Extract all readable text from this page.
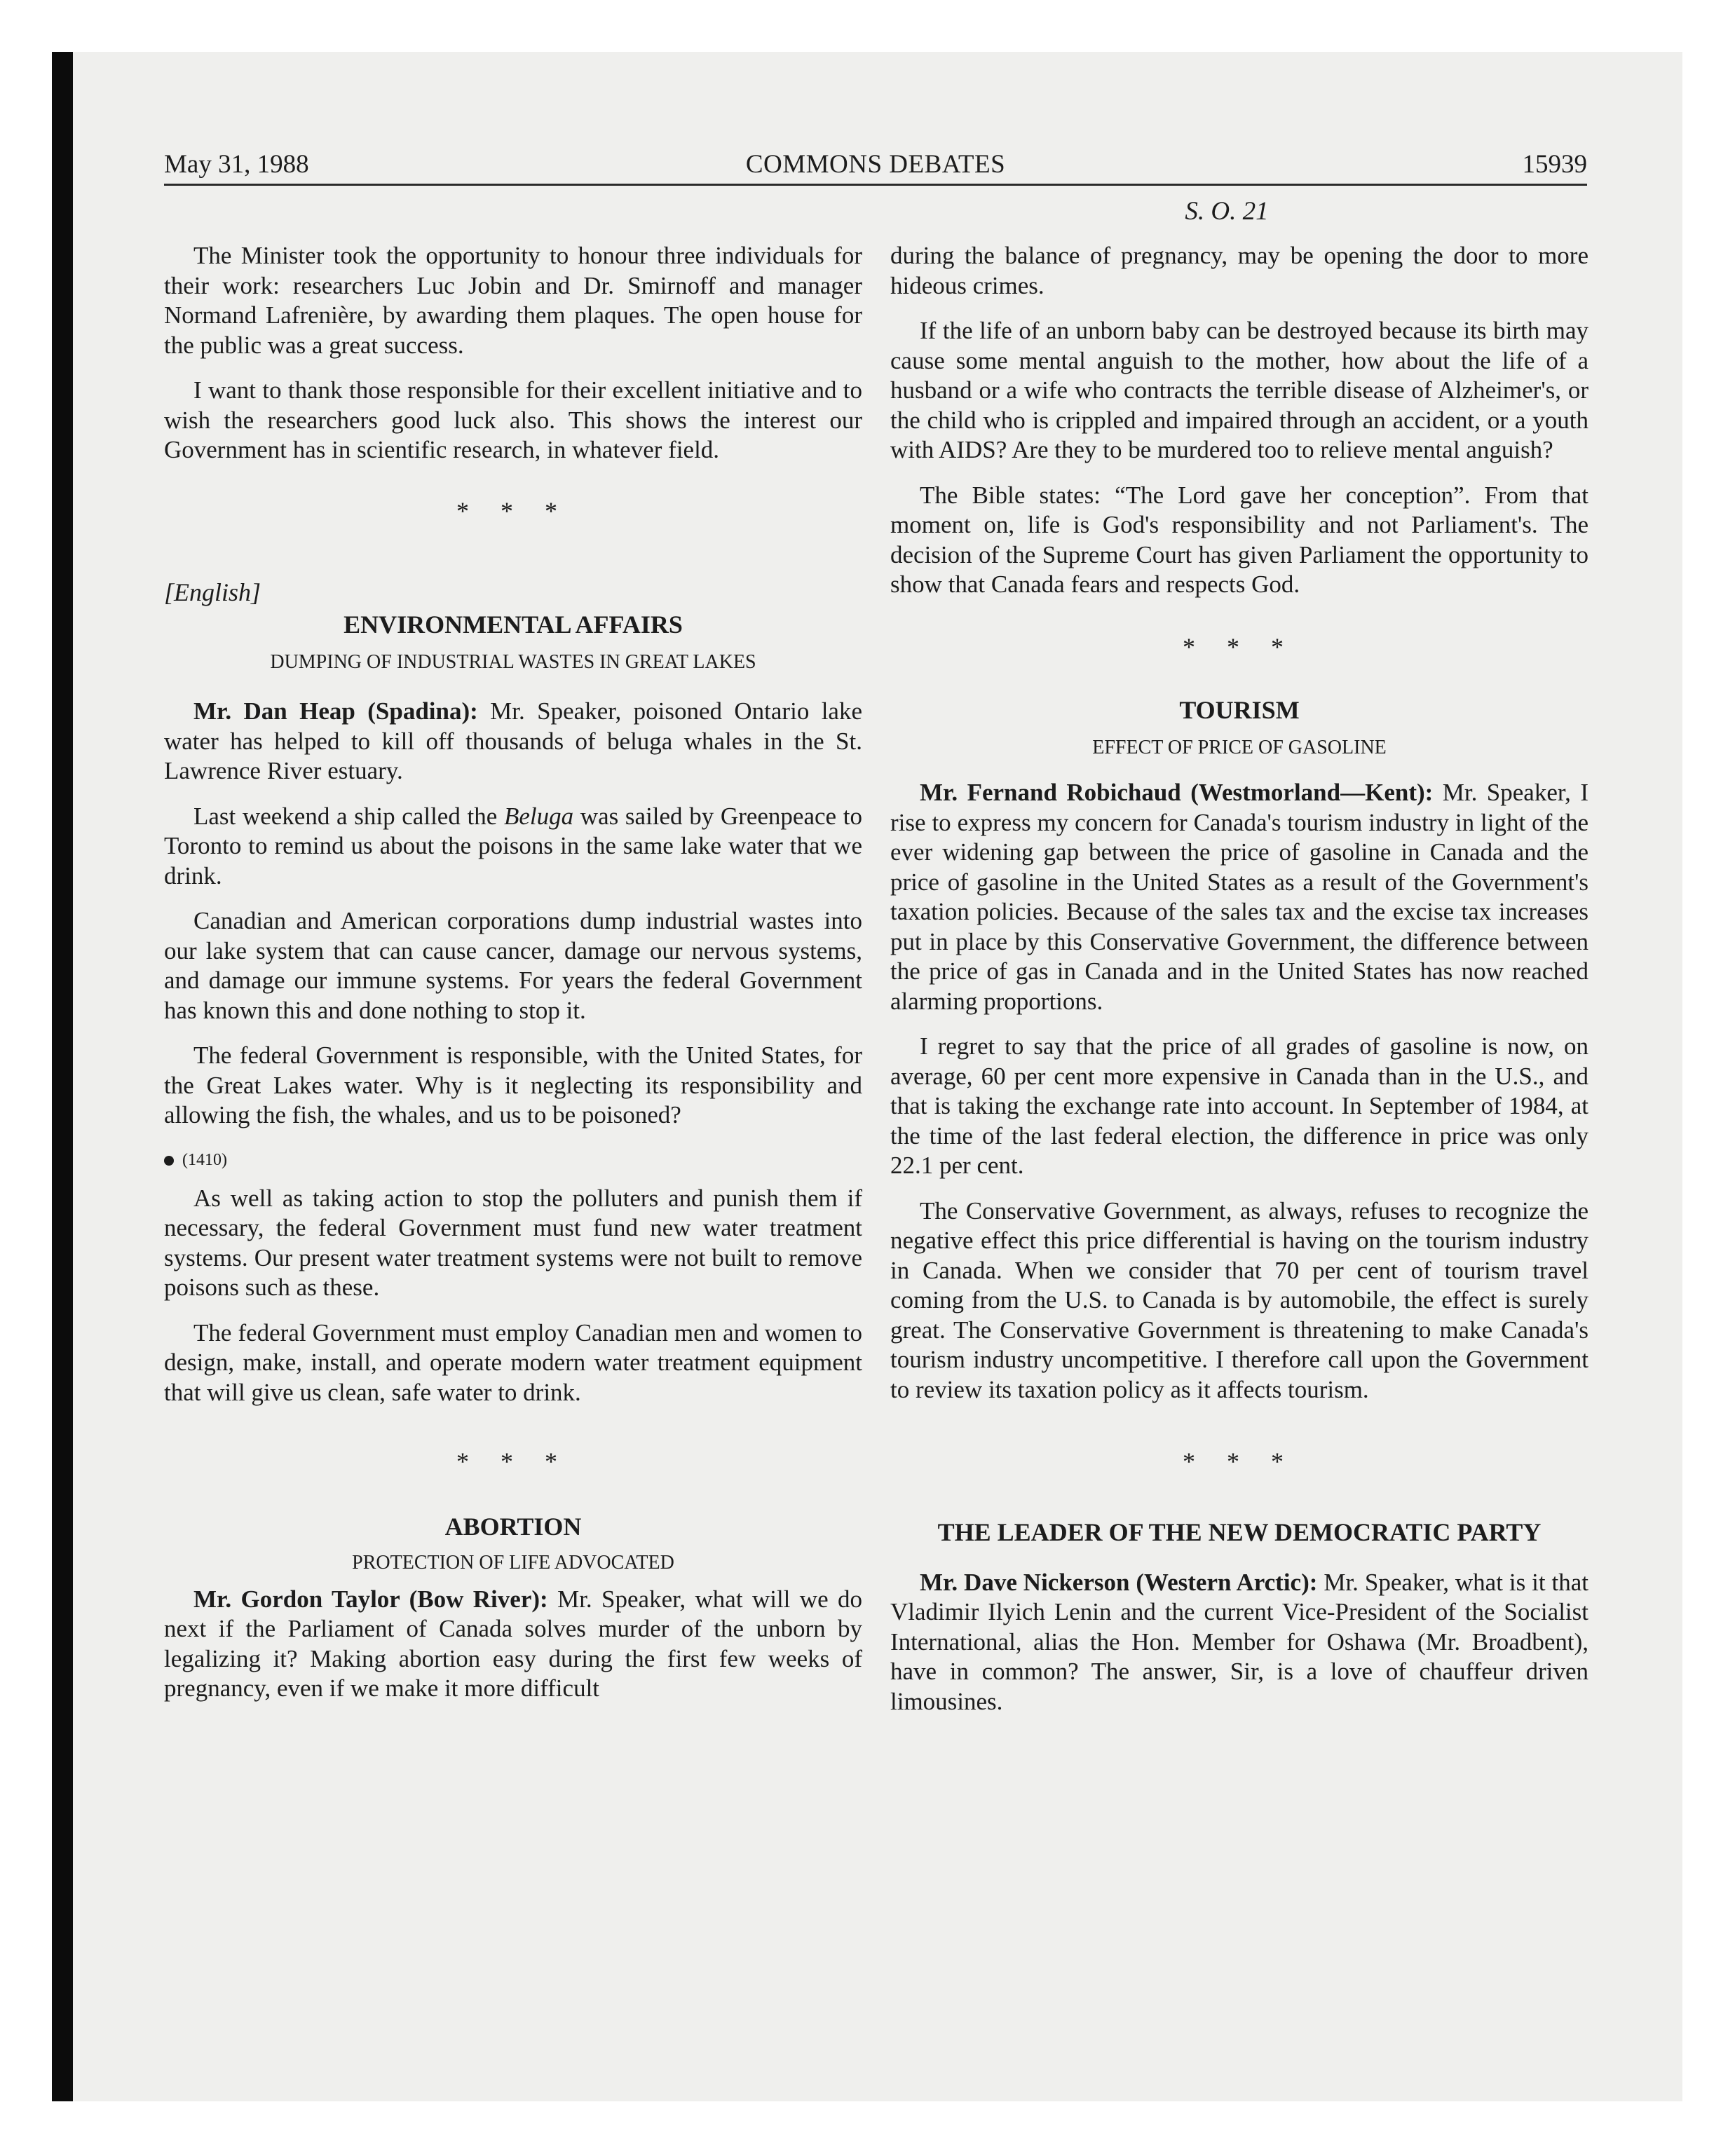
May 31, 1988	COMMONS DEBATES	15939
S. O. 21

The Minister took the opportunity to honour three individuals for their work: researchers Luc Jobin and Dr. Smirnoff and manager Normand Lafrenière, by awarding them plaques. The open house for the public was a great success.

I want to thank those responsible for their excellent initiative and to wish the researchers good luck also. This shows the interest our Government has in scientific research, in whatever field.

* * *
[English]
ENVIRONMENTAL AFFAIRS
DUMPING OF INDUSTRIAL WASTES IN GREAT LAKES

Mr. Dan Heap (Spadina): Mr. Speaker, poisoned Ontario lake water has helped to kill off thousands of beluga whales in the St. Lawrence River estuary.

Last weekend a ship called the Beluga was sailed by Greenpeace to Toronto to remind us about the poisons in the same lake water that we drink.

Canadian and American corporations dump industrial wastes into our lake system that can cause cancer, damage our nervous systems, and damage our immune systems. For years the federal Government has known this and done nothing to stop it.

The federal Government is responsible, with the United States, for the Great Lakes water. Why is it neglecting its responsibility and allowing the fish, the whales, and us to be poisoned?

(1410)

As well as taking action to stop the polluters and punish them if necessary, the federal Government must fund new water treatment systems. Our present water treatment systems were not built to remove poisons such as these.

The federal Government must employ Canadian men and women to design, make, install, and operate modern water treatment equipment that will give us clean, safe water to drink.

* * *
ABORTION
PROTECTION OF LIFE ADVOCATED

Mr. Gordon Taylor (Bow River): Mr. Speaker, what will we do next if the Parliament of Canada solves murder of the unborn by legalizing it? Making abortion easy during the first few weeks of pregnancy, even if we make it more difficult

during the balance of pregnancy, may be opening the door to more hideous crimes.

If the life of an unborn baby can be destroyed because its birth may cause some mental anguish to the mother, how about the life of a husband or a wife who contracts the terrible disease of Alzheimer's, or the child who is crippled and impaired through an accident, or a youth with AIDS? Are they to be murdered too to relieve mental anguish?

The Bible states: “The Lord gave her conception”. From that moment on, life is God's responsibility and not Parliament's. The decision of the Supreme Court has given Parliament the opportunity to show that Canada fears and respects God.

* * *
TOURISM
EFFECT OF PRICE OF GASOLINE

Mr. Fernand Robichaud (Westmorland—Kent): Mr. Speaker, I rise to express my concern for Canada's tourism industry in light of the ever widening gap between the price of gasoline in Canada and the price of gasoline in the United States as a result of the Government's taxation policies. Because of the sales tax and the excise tax increases put in place by this Conservative Government, the difference between the price of gas in Canada and in the United States has now reached alarming proportions.

I regret to say that the price of all grades of gasoline is now, on average, 60 per cent more expensive in Canada than in the U.S., and that is taking the exchange rate into account. In September of 1984, at the time of the last federal election, the difference in price was only 22.1 per cent.

The Conservative Government, as always, refuses to recognize the negative effect this price differential is having on the tourism industry in Canada. When we consider that 70 per cent of tourism travel coming from the U.S. to Canada is by automobile, the effect is surely great. The Conservative Government is threatening to make Canada's tourism industry uncompetitive. I therefore call upon the Government to review its taxation policy as it affects tourism.

* * *
THE LEADER OF THE NEW DEMOCRATIC PARTY

Mr. Dave Nickerson (Western Arctic): Mr. Speaker, what is it that Vladimir Ilyich Lenin and the current Vice-President of the Socialist International, alias the Hon. Member for Oshawa (Mr. Broadbent), have in common? The answer, Sir, is a love of chauffeur driven limousines.
